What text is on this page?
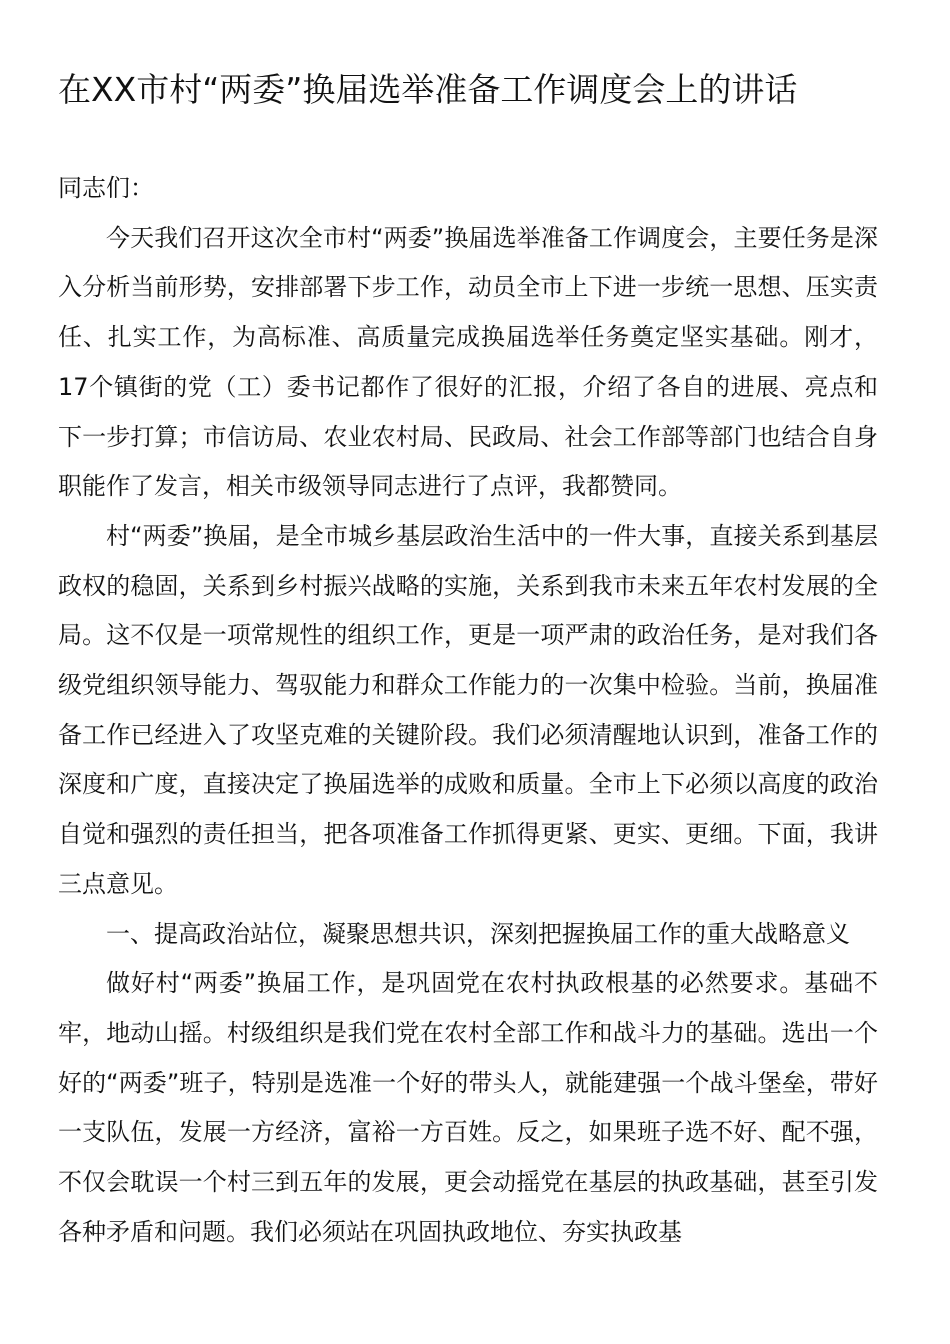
在XX市村“两委”换届选举准备工作调度会上的讲话

同志们：

今天我们召开这次全市村“两委”换届选举准备工作调度会，主要任务是深入分析当前形势，安排部署下步工作，动员全市上下进一步统一思想、压实责任、扎实工作，为高标准、高质量完成换届选举任务奠定坚实基础。刚才，17个镇街的党（工）委书记都作了很好的汇报，介绍了各自的进展、亮点和下一步打算；市信访局、农业农村局、民政局、社会工作部等部门也结合自身职能作了发言，相关市级领导同志进行了点评，我都赞同。

村“两委”换届，是全市城乡基层政治生活中的一件大事，直接关系到基层政权的稳固，关系到乡村振兴战略的实施，关系到我市未来五年农村发展的全局。这不仅是一项常规性的组织工作，更是一项严肃的政治任务，是对我们各级党组织领导能力、驾驭能力和群众工作能力的一次集中检验。当前，换届准备工作已经进入了攻坚克难的关键阶段。我们必须清醒地认识到，准备工作的深度和广度，直接决定了换届选举的成败和质量。全市上下必须以高度的政治自觉和强烈的责任担当，把各项准备工作抓得更紧、更实、更细。下面，我讲三点意见。

一、提高政治站位，凝聚思想共识，深刻把握换届工作的重大战略意义

做好村“两委”换届工作，是巩固党在农村执政根基的必然要求。基础不牢，地动山摇。村级组织是我们党在农村全部工作和战斗力的基础。选出一个好的“两委”班子，特别是选准一个好的带头人，就能建强一个战斗堡垒，带好一支队伍，发展一方经济，富裕一方百姓。反之，如果班子选不好、配不强，不仅会耽误一个村三到五年的发展，更会动摇党在基层的执政基础，甚至引发各种矛盾和问题。我们必须站在巩固执政地位、夯实执政基
